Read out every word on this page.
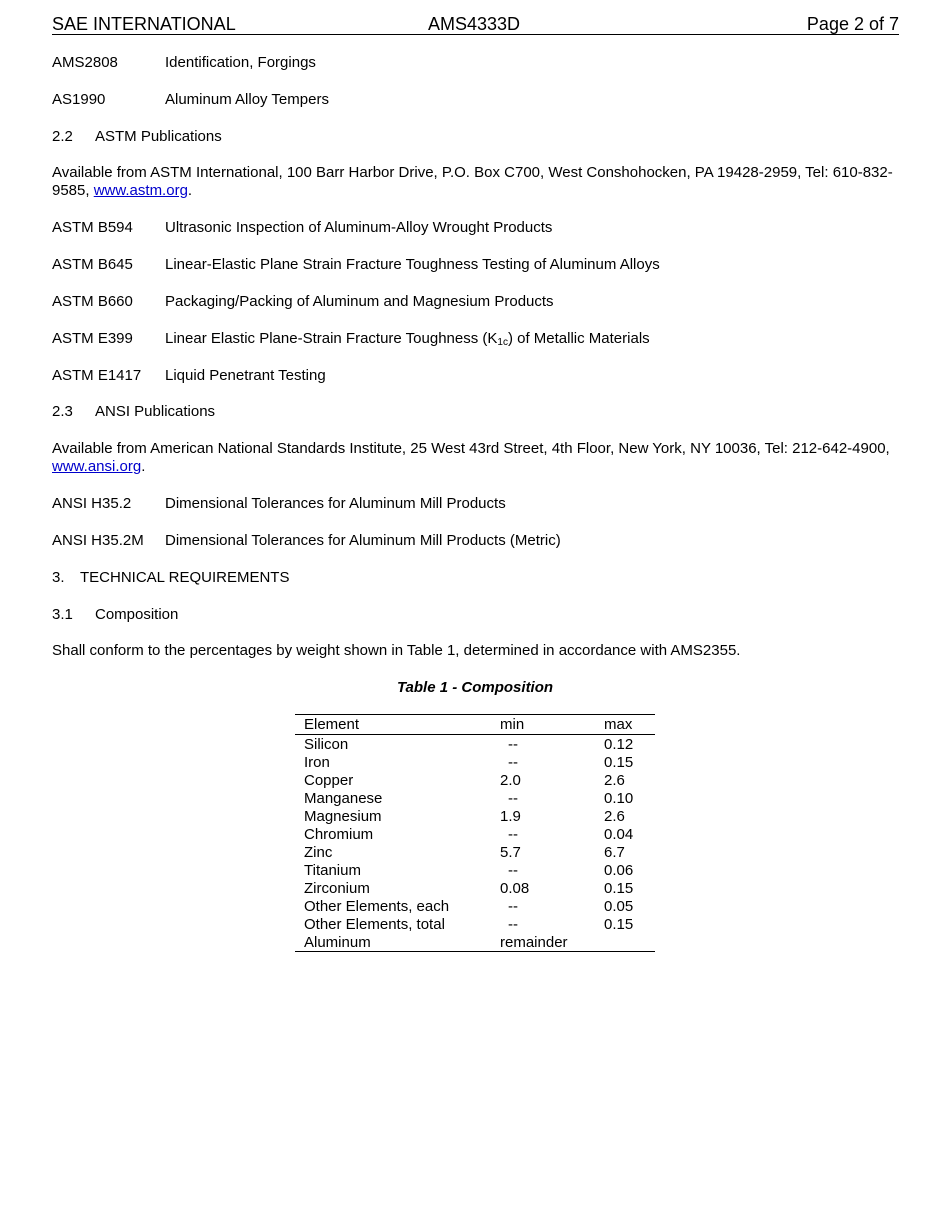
SAE INTERNATIONAL	AMS4333D	Page 2 of 7
AMS2808	Identification, Forgings
AS1990	Aluminum Alloy Tempers
2.2 ASTM Publications
Available from ASTM International, 100 Barr Harbor Drive, P.O. Box C700, West Conshohocken, PA 19428-2959, Tel: 610-832-9585, www.astm.org.
ASTM B594 Ultrasonic Inspection of Aluminum-Alloy Wrought Products
ASTM B645 Linear-Elastic Plane Strain Fracture Toughness Testing of Aluminum Alloys
ASTM B660 Packaging/Packing of Aluminum and Magnesium Products
ASTM E399 Linear Elastic Plane-Strain Fracture Toughness $(K_{1c})$ of Metallic Materials
ASTM E1417 Liquid Penetrant Testing
2.3 ANSI Publications
Available from American National Standards Institute, 25 West 43rd Street, 4th Floor, New York, NY 10036, Tel: 212-642-4900, www.ansi.org.
ANSI H35.2 Dimensional Tolerances for Aluminum Mill Products
ANSI H35.2M Dimensional Tolerances for Aluminum Mill Products (Metric)
3. TECHNICAL REQUIREMENTS
3.1 Composition
Shall conform to the percentages by weight shown in Table 1, determined in accordance with AMS2355.
Table 1 - Composition
Element	min	max
Silicon	--	0.12
Iron	--	0.15
Copper	2.0	2.6
Manganese	--	0.10
Magnesium	1.9	2.6
Chromium	--	0.04
Zinc	5.7	6.7
Titanium	--	0.06
Zirconium	0.08	0.15
Other Elements, each	--	0.05
Other Elements, total	--	0.15
Aluminum	remainder
